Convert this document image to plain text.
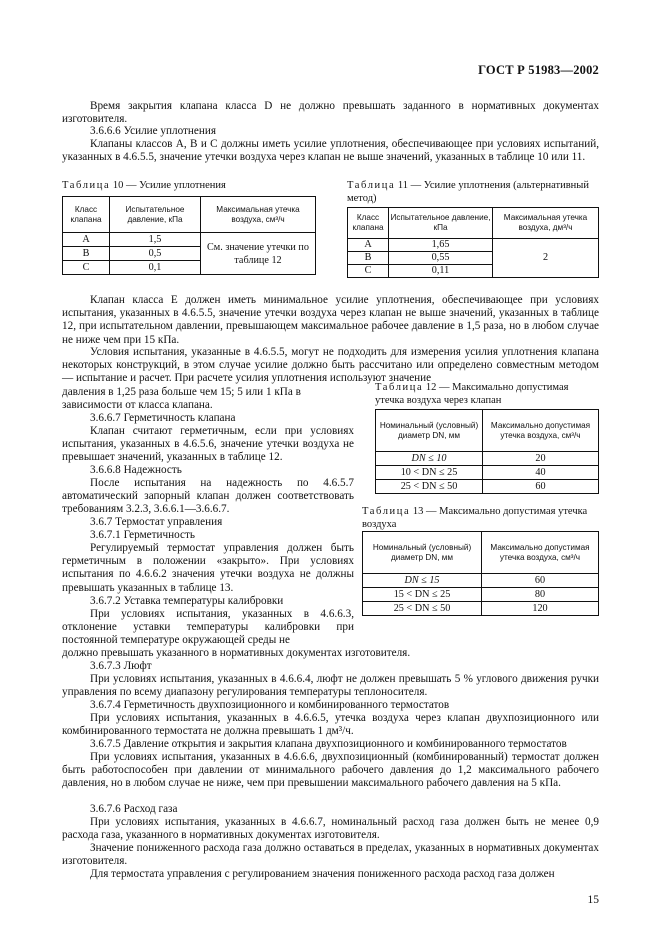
ГОСТ Р 51983—2002
Время закрытия клапана класса D не должно превышать заданного в нормативных документах изготовителя.
3.6.6.6 Усилие уплотнения
Клапаны классов А, В и С должны иметь усилие уплотнения, обеспечивающее при условиях испытаний, указанных в 4.6.5.5, значение утечки воздуха через клапан не выше значений, указанных в таблице 10 или 11.
Таблица 10 — Усилие уплотнения
Класс клапана	Испытательное давление, кПа	Максимальная утечка воздуха, см³/ч
А	1,5	См. значение утечки по таблице 12
В	0,5	
С	0,1	
Таблица 11 — Усилие уплотнения (альтернативный метод)
Класс клапана	Испытательное давление, кПа	Максимальная утечка воздуха, дм³/ч
А	1,65	2
В	0,55	
С	0,11	
Клапан класса Е должен иметь минимальное усилие уплотнения, обеспечивающее при условиях испытания, указанных в 4.6.5.5, значение утечки воздуха через клапан не выше значений, указанных в таблице 12, при испытательном давлении, превышающем максимальное рабочее давление в 1,5 раза, но в любом случае не ниже чем при 15 кПа.
Условия испытания, указанные в 4.6.5.5, могут не подходить для измерения усилия уплотнения клапана некоторых конструкций, в этом случае усилие должно быть рассчитано или определено совместным методом — испытание и расчет. При расчете усилия уплотнения используют значение
давления в 1,25 раза больше чем 15; 5 или 1 кПа в
зависимости от класса клапана.
3.6.6.7 Герметичность клапана
Клапан считают герметичным, если при условиях испытания, указанных в 4.6.5.6, значение утечки воздуха не превышает значений, указанных в таблице 12.
3.6.6.8 Надежность
После испытания на надежность по 4.6.5.7 автоматический запорный клапан должен соответствовать требованиям 3.2.3, 3.6.6.1—3.6.6.7.
3.6.7 Термостат управления
3.6.7.1 Герметичность
Регулируемый термостат управления должен быть герметичным в положении «закрыто». При условиях испытания по 4.6.6.2 значения утечки воздуха не должны превышать указанных в таблице 13.
3.6.7.2 Уставка температуры калибровки
При условиях испытания, указанных в 4.6.6.3, отклонение уставки температуры калибровки при постоянной температуре окружающей среды не
должно превышать указанного в нормативных документах изготовителя.
Таблица 12 — Максимально допустимая утечка воздуха через клапан
Номинальный (условный) диаметр DN, мм	Максимально допустимая утечка воздуха, см³/ч
DN ≤ 10	20
10 < DN ≤ 25	40
25 < DN ≤ 50	60
Таблица 13 — Максимально допустимая утечка воздуха
Номинальный (условный) диаметр DN, мм	Максимально допустимая утечка воздуха, см³/ч
DN ≤ 15	60
15 < DN ≤ 25	80
25 < DN ≤ 50	120
3.6.7.3 Люфт
При условиях испытания, указанных в 4.6.6.4, люфт не должен превышать 5 % углового движения ручки управления по всему диапазону регулирования температуры теплоносителя.
3.6.7.4 Герметичность двухпозиционного и комбинированного термостатов
При условиях испытания, указанных в 4.6.6.5, утечка воздуха через клапан двухпозиционного или комбинированного термостата не должна превышать 1 дм³/ч.
3.6.7.5 Давление открытия и закрытия клапана двухпозиционного и комбинированного термостатов
При условиях испытания, указанных в 4.6.6.6, двухпозиционный (комбинированный) термостат должен быть работоспособен при давлении от минимального рабочего давления до 1,2 максимального рабочего давления, но в любом случае не ниже, чем при превышении максимального рабочего давления на 5 кПа.
3.6.7.6 Расход газа
При условиях испытания, указанных в 4.6.6.7, номинальный расход газа должен быть не менее 0,9 расхода газа, указанного в нормативных документах изготовителя.
Значение пониженного расхода газа должно оставаться в пределах, указанных в нормативных документах изготовителя.
Для термостата управления с регулированием значения пониженного расхода расход газа должен
15
